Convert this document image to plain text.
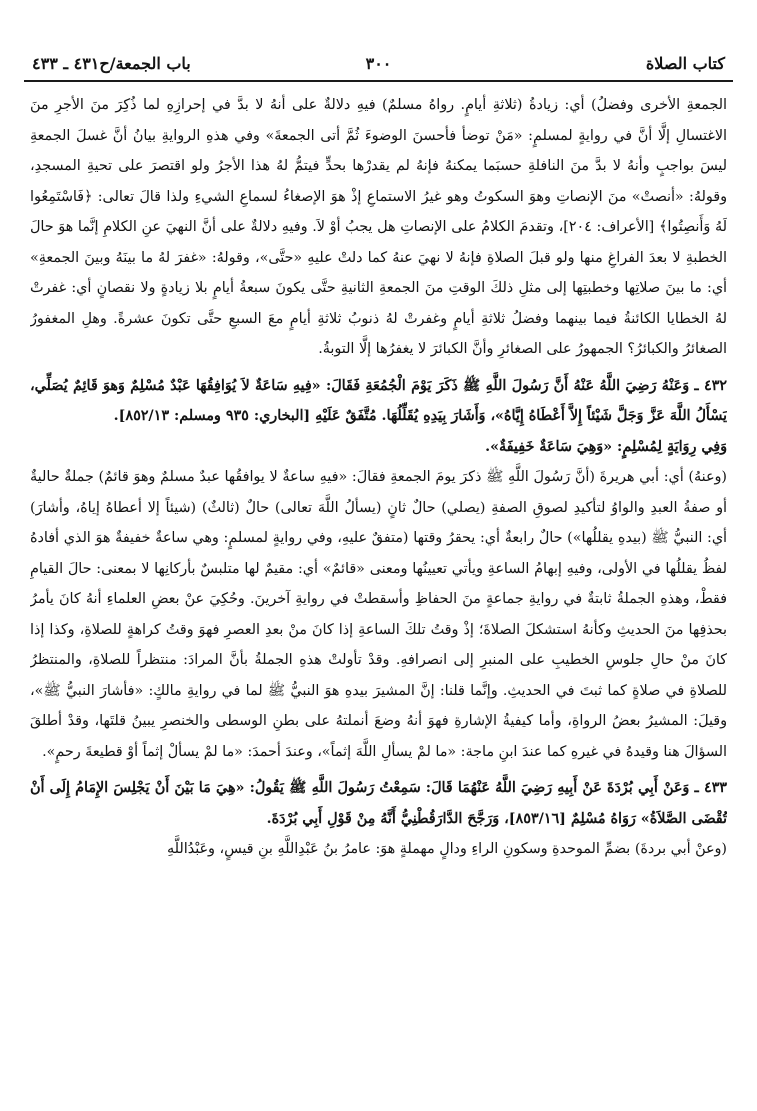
كتاب الصلاة
٣٠٠
باب الجمعة/ح٤٣١ ـ ٤٣٣

الجمعةِ الأخرى وفضلُ) أي: زيادةُ (ثلاثةِ أيامٍ. رواهُ مسلمٌ) فيهِ دلالةٌ على أنهُ لا بدَّ في إحرازِهِ لما ذُكِرَ منَ الأجرِ منَ الاغتسالِ إلَّا أنَّ في روايةٍ لمسلمٍ: «مَنْ توضأ فأحسنَ الوضوءَ ثُمَّ أتى الجمعةَ» وفي هذهِ الروايةِ بيانُ أنَّ غسلَ الجمعةِ ليسَ بواجبٍ وأنهُ لا بدَّ منَ النافلةِ حسبَما يمكنهُ فإنهُ لم يقدرْها بحدٍّ فيتمُّ لهُ هذا الأجرُ ولو اقتصرَ على تحيةِ المسجدِ، وقولهُ: «أنصتْ» منَ الإنصاتِ وهوَ السكوتُ وهو غيرُ الاستماعِ إذْ هوَ الإصغاءُ لسماعِ الشيءِ ولذا قالَ تعالى: ﴿فَاسْتَمِعُوا لَهُ وَأَنصِتُوا﴾ [الأعراف: ٢٠٤]، وتقدمَ الكلامُ على الإنصاتِ هل يجبُ أوْ لاَ. وفيهِ دلالةٌ على أنَّ النهيَ عنِ الكلامِ إنَّما هوَ حالَ الخطبةِ لا بعدَ الفراغِ منها ولو قبلَ الصلاةِ فإنهُ لا نهيَ عنهُ كما دلتْ عليهِ «حتَّى»، وقولهُ: «غفرَ لهُ ما بينَهُ وبينَ الجمعةِ» أي: ما بينَ صلاتِها وخطبتِها إلى مثلِ ذلكَ الوقتِ منَ الجمعةِ الثانيةِ حتَّى يكونَ سبعةُ أيامٍ بلا زيادةٍ ولا نقصانٍ أي: غفرتْ لهُ الخطايا الكائنةُ فيما بينهما وفضلُ ثلاثةِ أيامٍ وغفرتْ لهُ ذنوبُ ثلاثةِ أيامٍ معَ السبعِ حتَّى تكونَ عشرةً. وهلِ المغفورُ الصغائرُ والكبائرُ؟ الجمهورُ على الصغائرِ وأنَّ الكبائرَ لا يغفرُها إلَّا التوبةُ.

٤٣٢ ـ وَعَنْهُ رَضِيَ اللَّهُ عَنْهُ أَنَّ رَسُولَ اللَّهِ ﷺ ذَكَرَ يَوْمَ الْجُمُعَةِ فَقَالَ: «فِيهِ سَاعَةٌ لاَ يُوَافِقُهَا عَبْدٌ مُسْلِمٌ وَهوَ قَائِمٌ يُصَلِّي، يَسْأَلُ اللَّهَ عَزَّ وَجَلَّ شَيْئاً إِلاَّ أَعْطَاهُ إِيَّاهُ»، وَأَشَارَ بِيَدِهِ يُقَلِّلُهَا. مُتَّفَقٌ عَلَيْهِ [البخاري: ٩٣٥ ومسلم: ٨٥٢/١٣].

وَفِي رِوَايَةٍ لِمُسْلِمٍ: «وَهِيَ سَاعَةٌ خَفِيفَةٌ».

(وعنهُ) أي: أبي هريرةَ (أنَّ رَسُولَ اللَّهِ ﷺ ذكرَ يومَ الجمعةِ فقالَ: «فيهِ ساعةٌ لا يوافقُها عبدٌ مسلمٌ وهوَ قائمٌ) جملةٌ حاليةٌ أو صفةُ العبدِ والواوُ لتأكيدِ لصوقِ الصفةِ (يصلي) حالٌ ثانٍ (يسألُ اللَّهَ تعالى) حالٌ (ثالثٌ) (شيئاً إلا أعطاهُ إياهُ، وأشارَ) أي: النبيُّ ﷺ (بيدهِ يقللُها») حالٌ رابعةٌ أي: يحقرُ وقتها (متفقٌ عليهِ، وفي روايةٍ لمسلمٍ: وهي ساعةٌ خفيفةٌ هوَ الذي أفادهُ لفظُ يقللُها في الأولى، وفيهِ إبهامُ الساعةِ ويأتي تعيينُها ومعنى «قائمٌ» أي: مقيمٌ لها متلبسٌ بأركانِها لا بمعنى: حالَ القيامِ فقطْ، وهذهِ الجملةُ ثابتةٌ في روايةِ جماعةٍ منَ الحفاظِ وأسقطتْ في روايةِ آخرينَ. وحُكِيَ عنْ بعضِ العلماءِ أنهُ كانَ يأمرُ بحذفِها منَ الحديثِ وكأنهُ استشكلَ الصلاةَ؛ إذْ وقتُ تلكَ الساعةِ إذا كانَ منْ بعدِ العصرِ فهوَ وقتُ كراهةٍ للصلاةِ، وكذا إذا كانَ منْ حالِ جلوسِ الخطيبِ على المنبرِ إلى انصرافهِ. وقدْ تأولتْ هذهِ الجملةُ بأنَّ المرادَ: منتظراً للصلاةِ، والمنتظرُ للصلاةِ في صلاةٍ كما ثبتَ في الحديثِ. وإنَّما قلنا: إنَّ المشيرَ بيدهِ هوَ النبيُّ ﷺ لما في روايةِ مالكٍ: «فأشارَ النبيُّ ﷺ»، وقيلَ: المشيرُ بعضُ الرواةِ، وأما كيفيةُ الإشارةِ فهوَ أنهُ وضعَ أنملتهُ على بطنِ الوسطى والخنصرِ يبينُ قلتَها، وقدْ أطلقَ السؤالَ هنا وقيدهُ في غيرهِ كما عندَ ابنِ ماجة: «ما لمْ يسألِ اللَّهَ إثماً»، وعندَ أحمدَ: «ما لمْ يسألْ إثماً أوْ قطيعةَ رحمٍ».

٤٣٣ ـ وَعَنْ أَبِي بُرْدَةَ عَنْ أَبِيهِ رَضِيَ اللَّهُ عَنْهُمَا قَالَ: سَمِعْتُ رَسُولَ اللَّهِ ﷺ يَقُولُ: «هِيَ مَا بَيْنَ أَنْ يَجْلِسَ الإِمَامُ إِلَى أَنْ تُقْضَى الصَّلاَةُ» رَوَاهُ مُسْلِمٌ [٨٥٣/١٦]، وَرَجَّحَ الدَّارَقُطْنِيُّ أَنَّهُ مِنْ قَوْلِ أَبِي بُرْدَةَ.

(وعنْ أبي بردةَ) بضمِّ الموحدةِ وسكونِ الراءِ ودالٍ مهملةٍ هوَ: عامرُ بنُ عَبْدِاللَّهِ بنِ قيسٍ، وعَبْدُاللَّهِ
